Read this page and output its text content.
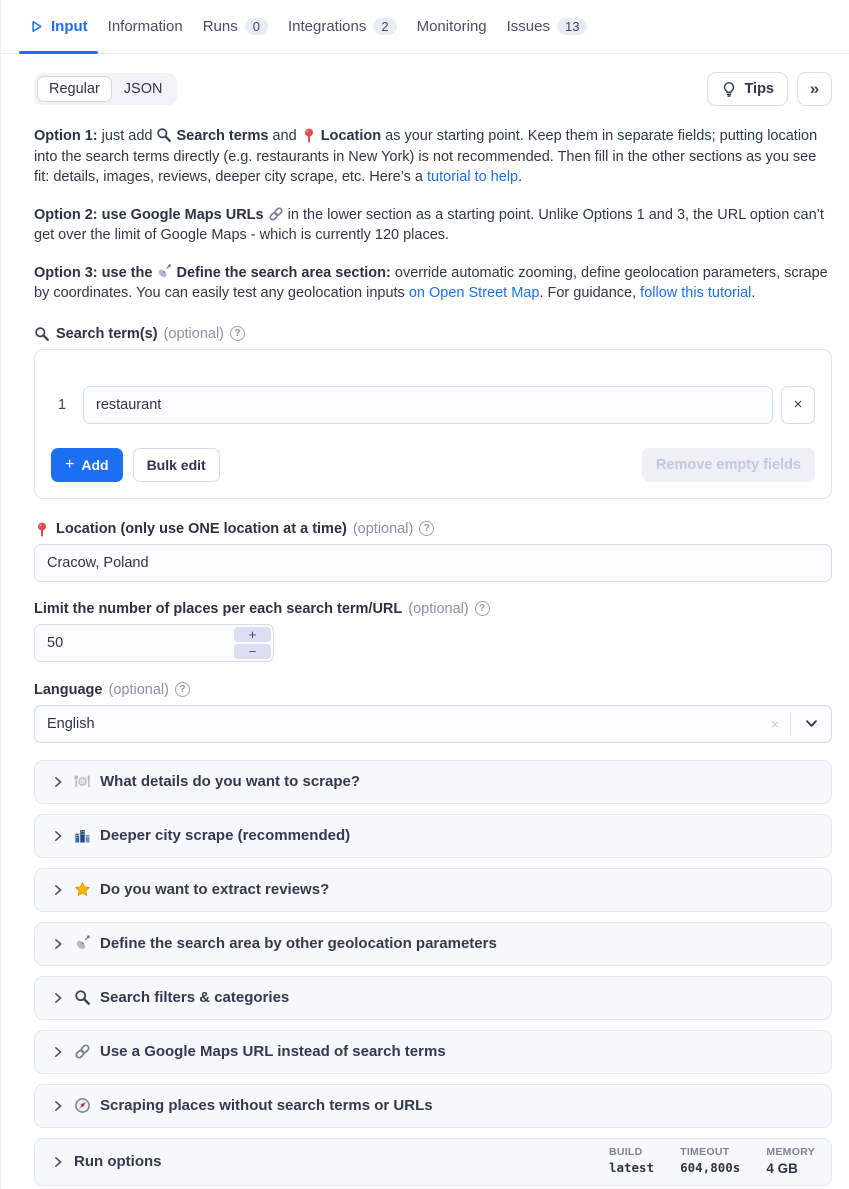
Input Information Runs	0	Integrations	2	Monitoring Issues	13
Regular	JSON	Tips	»

Option 1: just add  Search terms and  Location as your starting point. Keep them in separate fields; putting location into the search terms directly (e.g. restaurants in New York) is not recommended. Then fill in the other sections as you see fit: details, images, reviews, deeper city scrape, etc. Here’s a tutorial to help.

Option 2: use Google Maps URLs  in the lower section as a starting point. Unlike Options 1 and 3, the URL option can’t get over the limit of Google Maps - which is currently 120 places.

Option 3: use the Define the search area section: override automatic zooming, define geolocation parameters, scrape by coordinates. You can easily test any geolocation inputs on Open Street Map. For guidance, follow this tutorial.

Search term(s) (optional)	?
1
restaurant	×
+ Add	Bulk edit	Remove empty fields
Location (only use ONE location at a time) (optional)	?
Cracow, Poland
Limit the number of places per each search term/URL (optional)	?
50
+
−
Language (optional)	?
English	×
What details do you want to scrape?
Deeper city scrape (recommended)
Do you want to extract reviews?
Define the search area by other geolocation parameters
Search filters & categories
Use a Google Maps URL instead of search terms
Scraping places without search terms or URLs
Run options
BUILD
latest
TIMEOUT
604,800s
MEMORY
4 GB
